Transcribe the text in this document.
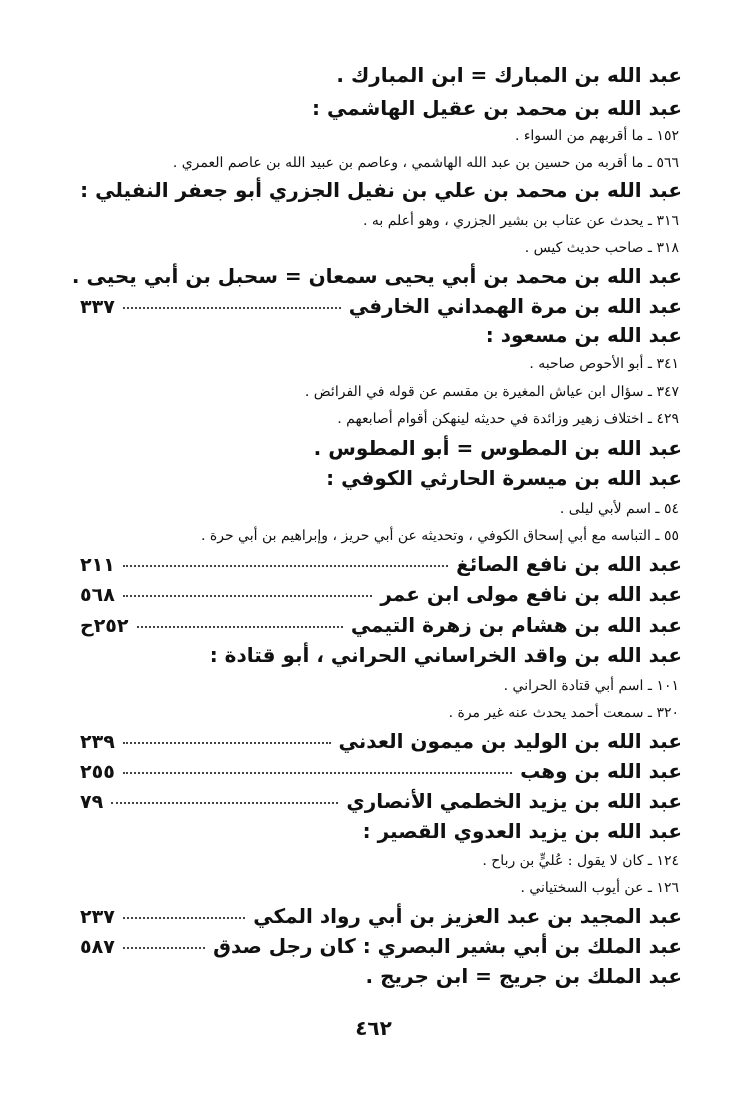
عبد الله بن المبارك = ابن المبارك .
عبد الله بن محمد بن عقيل الهاشمي :
١٥٢ ـ ما أقربهم من السواء .
٥٦٦ ـ ما أقربه من حسين بن عبد الله الهاشمي ، وعاصم بن عبيد الله بن عاصم العمري .
عبد الله بن محمد بن علي بن نفيل الجزري أبو جعفر النفيلي :
٣١٦ ـ يحدث عن عتاب بن بشير الجزري ، وهو أعلم به .
٣١٨ ـ صاحب حديث كيس .
عبد الله بن محمد بن أبي يحيى سمعان = سحبل بن أبي يحيى .
عبد الله بن مرة الهمداني الخارفي
٣٣٧
عبد الله بن مسعود :
٣٤١ ـ أبو الأحوص صاحبه .
٣٤٧ ـ سؤال ابن عياش المغيرة بن مقسم عن قوله في الفرائض .
٤٢٩ ـ اختلاف زهير وزائدة في حديثه لينهكن أقوام أصابعهم .
عبد الله بن المطوس = أبو المطوس .
عبد الله بن ميسرة الحارثي الكوفي :
٥٤ ـ اسم لأبي ليلى .
٥٥ ـ التباسه مع أبي إسحاق الكوفي ، وتحديثه عن أبي حريز ، وإبراهيم بن أبي حرة .
عبد الله بن نافع الصائغ
٢١١
عبد الله بن نافع مولى ابن عمر
٥٦٨
عبد الله بن هشام بن زهرة التيمي
٢٥٢ح
عبد الله بن واقد الخراساني الحراني ، أبو قتادة :
١٠١ ـ اسم أبي قتادة الحراني .
٣٢٠ ـ سمعت أحمد يحدث عنه غير مرة .
عبد الله بن الوليد بن ميمون العدني
٢٣٩
عبد الله بن وهب
٢٥٥
عبد الله بن يزيد الخطمي الأنصاري
٧٩
عبد الله بن يزيد العدوي القصير :
١٢٤ ـ كان لا يقول : عُليٍّ بن رباح .
١٢٦ ـ عن أيوب السختياني .
عبد المجيد بن عبد العزيز بن أبي رواد المكي
٢٣٧
عبد الملك بن أبي بشير البصري : كان رجل صدق
٥٨٧
عبد الملك بن جريج = ابن جريج .
٤٦٢
